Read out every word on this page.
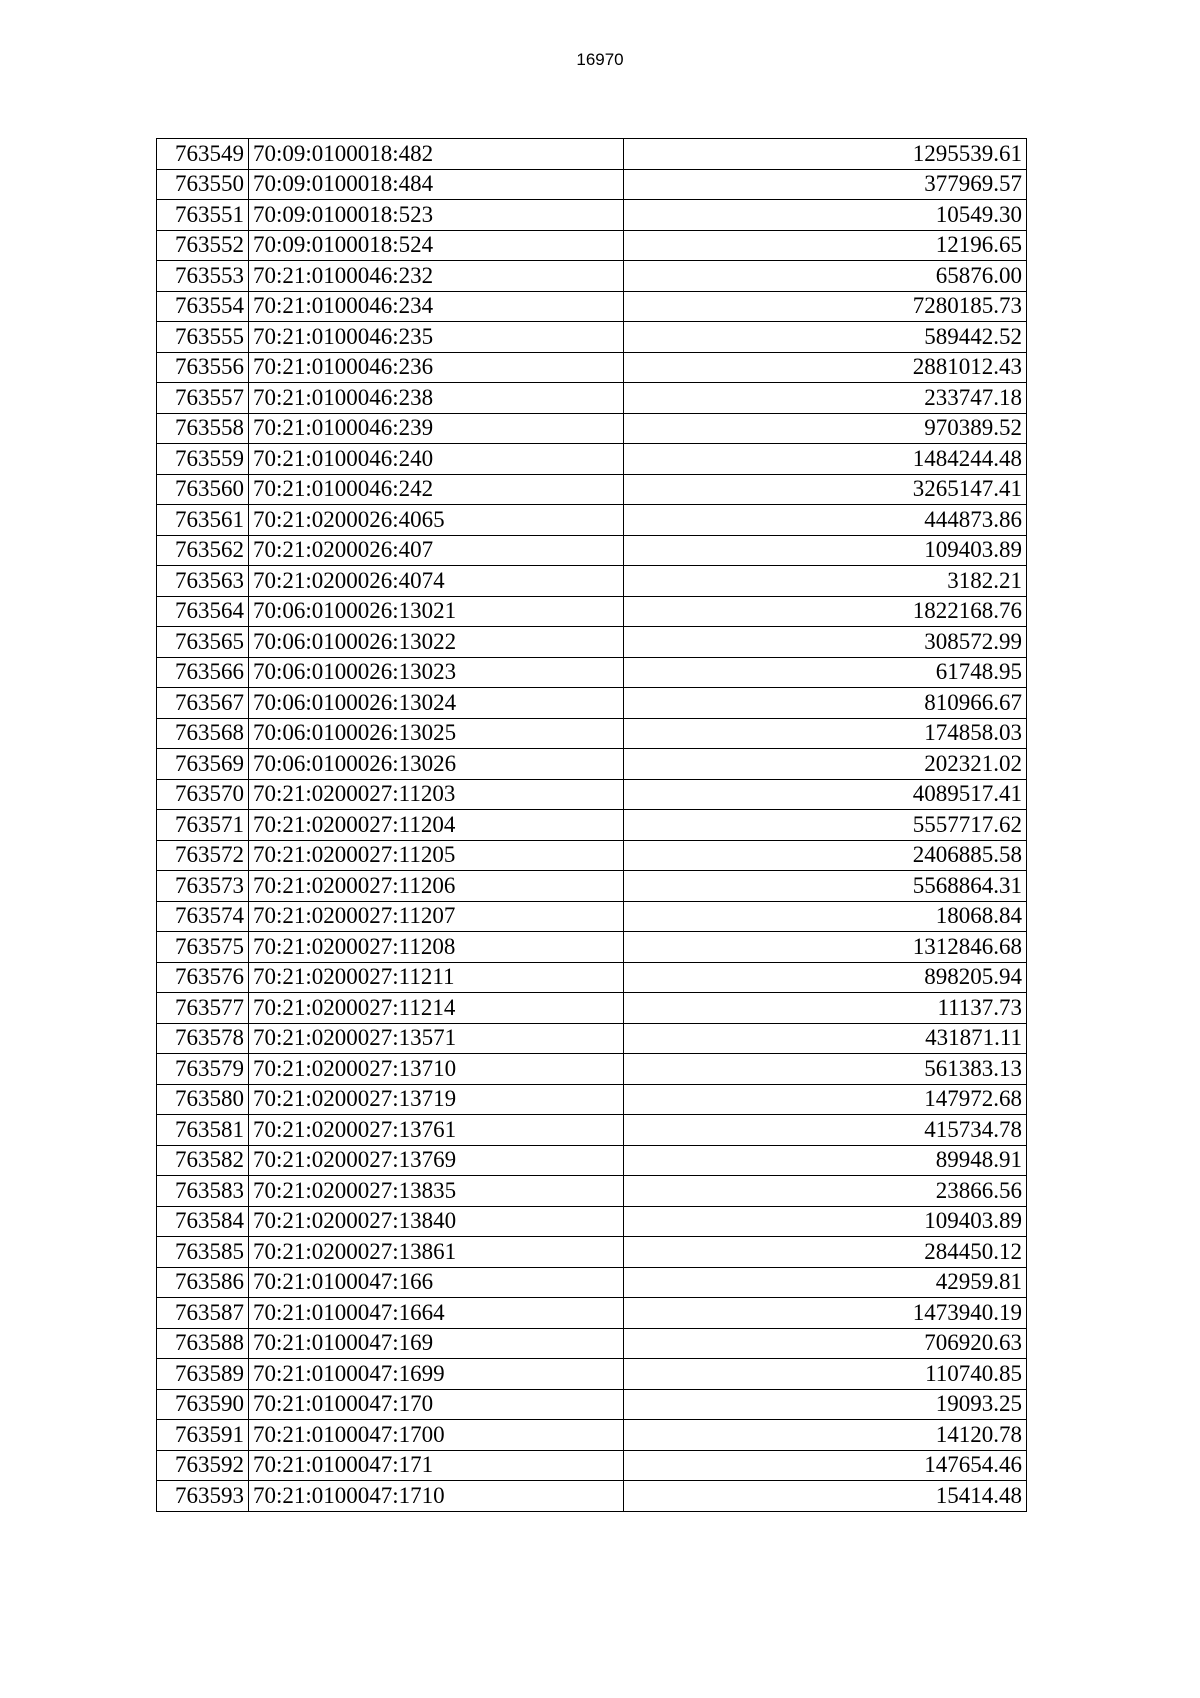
16970
763549	70:09:0100018:482	1295539.61
763550	70:09:0100018:484	377969.57
763551	70:09:0100018:523	10549.30
763552	70:09:0100018:524	12196.65
763553	70:21:0100046:232	65876.00
763554	70:21:0100046:234	7280185.73
763555	70:21:0100046:235	589442.52
763556	70:21:0100046:236	2881012.43
763557	70:21:0100046:238	233747.18
763558	70:21:0100046:239	970389.52
763559	70:21:0100046:240	1484244.48
763560	70:21:0100046:242	3265147.41
763561	70:21:0200026:4065	444873.86
763562	70:21:0200026:407	109403.89
763563	70:21:0200026:4074	3182.21
763564	70:06:0100026:13021	1822168.76
763565	70:06:0100026:13022	308572.99
763566	70:06:0100026:13023	61748.95
763567	70:06:0100026:13024	810966.67
763568	70:06:0100026:13025	174858.03
763569	70:06:0100026:13026	202321.02
763570	70:21:0200027:11203	4089517.41
763571	70:21:0200027:11204	5557717.62
763572	70:21:0200027:11205	2406885.58
763573	70:21:0200027:11206	5568864.31
763574	70:21:0200027:11207	18068.84
763575	70:21:0200027:11208	1312846.68
763576	70:21:0200027:11211	898205.94
763577	70:21:0200027:11214	11137.73
763578	70:21:0200027:13571	431871.11
763579	70:21:0200027:13710	561383.13
763580	70:21:0200027:13719	147972.68
763581	70:21:0200027:13761	415734.78
763582	70:21:0200027:13769	89948.91
763583	70:21:0200027:13835	23866.56
763584	70:21:0200027:13840	109403.89
763585	70:21:0200027:13861	284450.12
763586	70:21:0100047:166	42959.81
763587	70:21:0100047:1664	1473940.19
763588	70:21:0100047:169	706920.63
763589	70:21:0100047:1699	110740.85
763590	70:21:0100047:170	19093.25
763591	70:21:0100047:1700	14120.78
763592	70:21:0100047:171	147654.46
763593	70:21:0100047:1710	15414.48
